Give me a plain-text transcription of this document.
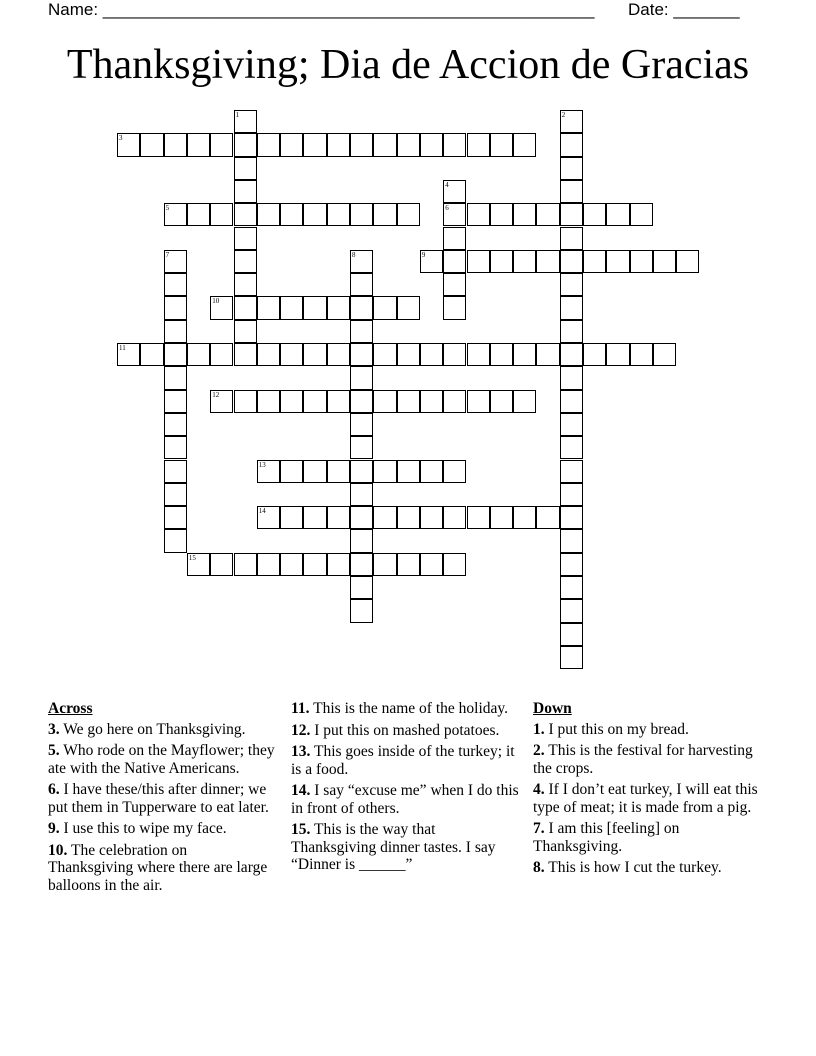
Name: ____________________________________________________ Date: _______
Thanksgiving; Dia de Accion de Gracias
1	2
3
4
6
5
7	8	9
10
11
12
13
14
15
Across
3. We go here on Thanksgiving.
5. Who rode on the Mayflower; they ate with the Native Americans.
6. I have these/this after dinner; we put them in Tupperware to eat later.
9. I use this to wipe my face.
10. The celebration on Thanksgiving where there are large balloons in the air.
11. This is the name of the holiday.
12. I put this on mashed potatoes.
13. This goes inside of the turkey; it is a food.
14. I say “excuse me” when I do this in front of others.
15. This is the way that Thanksgiving dinner tastes. I say “Dinner is ______”
Down
1. I put this on my bread.
2. This is the festival for harvesting the crops.
4. If I don’t eat turkey, I will eat this type of meat; it is made from a pig.
7. I am this [feeling] on Thanksgiving.
8. This is how I cut the turkey.
